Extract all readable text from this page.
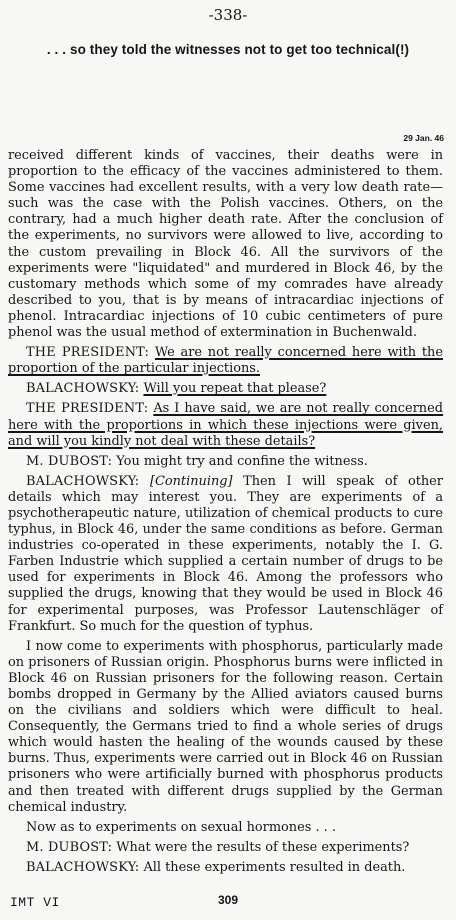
-338-
. . . so they told the witnesses not to get too technical(!)
29 Jan. 46

received different kinds of vaccines, their deaths were in proportion to the efficacy of the vaccines administered to them. Some vaccines had excellent results, with a very low death rate—such was the case with the Polish vaccines. Others, on the contrary, had a much higher death rate. After the conclusion of the experiments, no survivors were allowed to live, according to the custom prevailing in Block 46. All the survivors of the experiments were "liquidated" and murdered in Block 46, by the customary methods which some of my comrades have already described to you, that is by means of intracardiac injections of phenol. Intracardiac injections of 10 cubic centimeters of pure phenol was the usual method of extermination in Buchenwald.

THE PRESIDENT: We are not really concerned here with the proportion of the particular injections.

BALACHOWSKY: Will you repeat that please?

THE PRESIDENT: As I have said, we are not really concerned here with the proportions in which these injections were given, and will you kindly not deal with these details?

M. DUBOST: You might try and confine the witness.

BALACHOWSKY: [Continuing] Then I will speak of other details which may interest you. They are experiments of a psychotherapeutic nature, utilization of chemical products to cure typhus, in Block 46, under the same conditions as before. German industries co-operated in these experiments, notably the I. G. Farben Industrie which supplied a certain number of drugs to be used for experiments in Block 46. Among the professors who supplied the drugs, knowing that they would be used in Block 46 for experimental purposes, was Professor Lautenschläger of Frankfurt. So much for the question of typhus.

I now come to experiments with phosphorus, particularly made on prisoners of Russian origin. Phosphorus burns were inflicted in Block 46 on Russian prisoners for the following reason. Certain bombs dropped in Germany by the Allied aviators caused burns on the civilians and soldiers which were difficult to heal. Consequently, the Germans tried to find a whole series of drugs which would hasten the healing of the wounds caused by these burns. Thus, experiments were carried out in Block 46 on Russian prisoners who were artificially burned with phosphorus products and then treated with different drugs supplied by the German chemical industry.

Now as to experiments on sexual hormones . . .

M. DUBOST: What were the results of these experiments?

BALACHOWSKY: All these experiments resulted in death.

IMT VI	309
